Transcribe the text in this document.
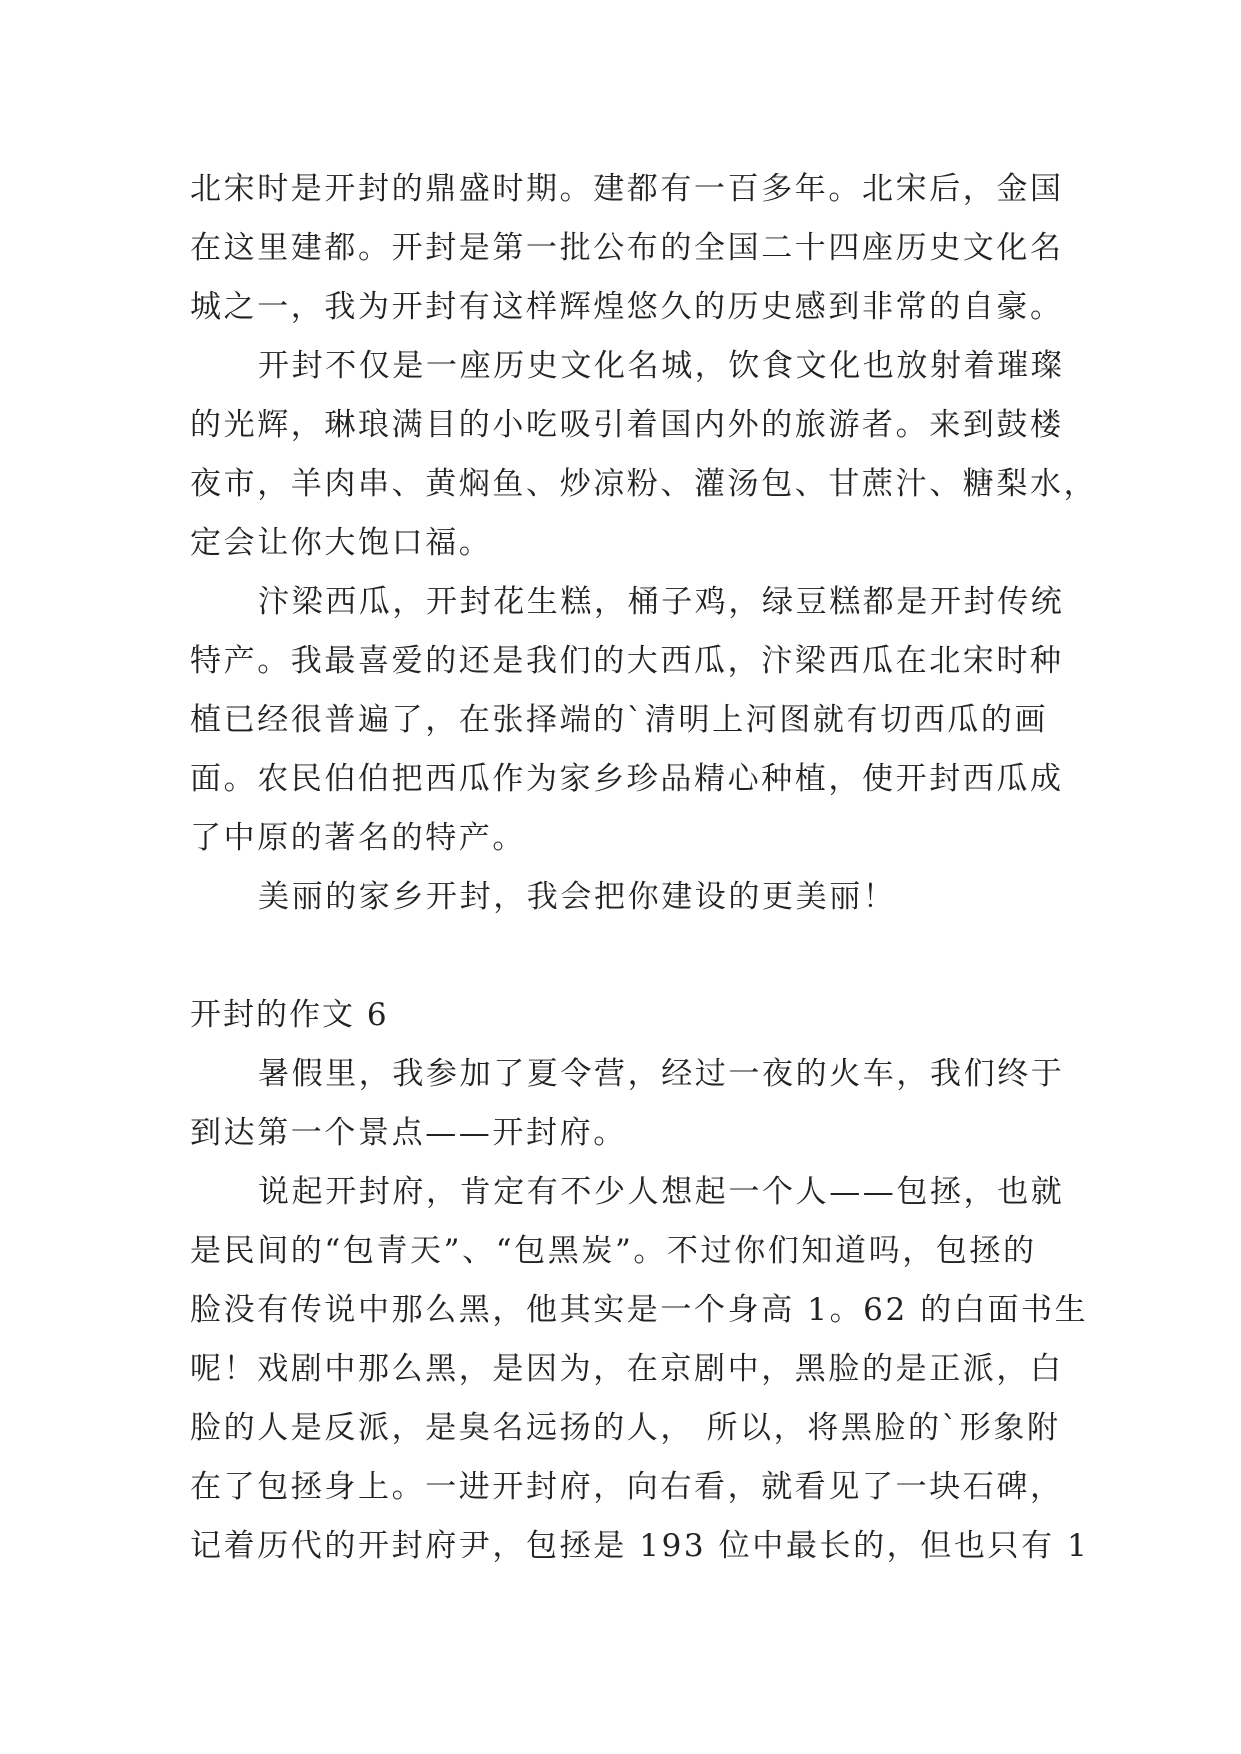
北宋时是开封的鼎盛时期。建都有一百多年。北宋后，金国
在这里建都。开封是第一批公布的全国二十四座历史文化名
城之一，我为开封有这样辉煌悠久的历史感到非常的自豪。
开封不仅是一座历史文化名城，饮食文化也放射着璀璨
的光辉，琳琅满目的小吃吸引着国内外的旅游者。来到鼓楼
夜市，羊肉串、黄焖鱼、炒凉粉、灌汤包、甘蔗汁、糖梨水，
定会让你大饱口福。
汴梁西瓜，开封花生糕，桶子鸡，绿豆糕都是开封传统
特产。我最喜爱的还是我们的大西瓜，汴梁西瓜在北宋时种
植已经很普遍了，在张择端的`清明上河图就有切西瓜的画
面。农民伯伯把西瓜作为家乡珍品精心种植，使开封西瓜成
了中原的著名的特产。
美丽的家乡开封，我会把你建设的更美丽！
开封的作文 6
暑假里，我参加了夏令营，经过一夜的火车，我们终于
到达第一个景点——开封府。
说起开封府，肯定有不少人想起一个人——包拯，也就
是民间的“包青天”、“包黑炭”。不过你们知道吗，包拯的
脸没有传说中那么黑，他其实是一个身高 1。62 的白面书生
呢！戏剧中那么黑，是因为，在京剧中，黑脸的是正派，白
脸的人是反派，是臭名远扬的人， 所以，将黑脸的`形象附
在了包拯身上。一进开封府，向右看，就看见了一块石碑，
记着历代的开封府尹，包拯是 193 位中最长的，但也只有 1
